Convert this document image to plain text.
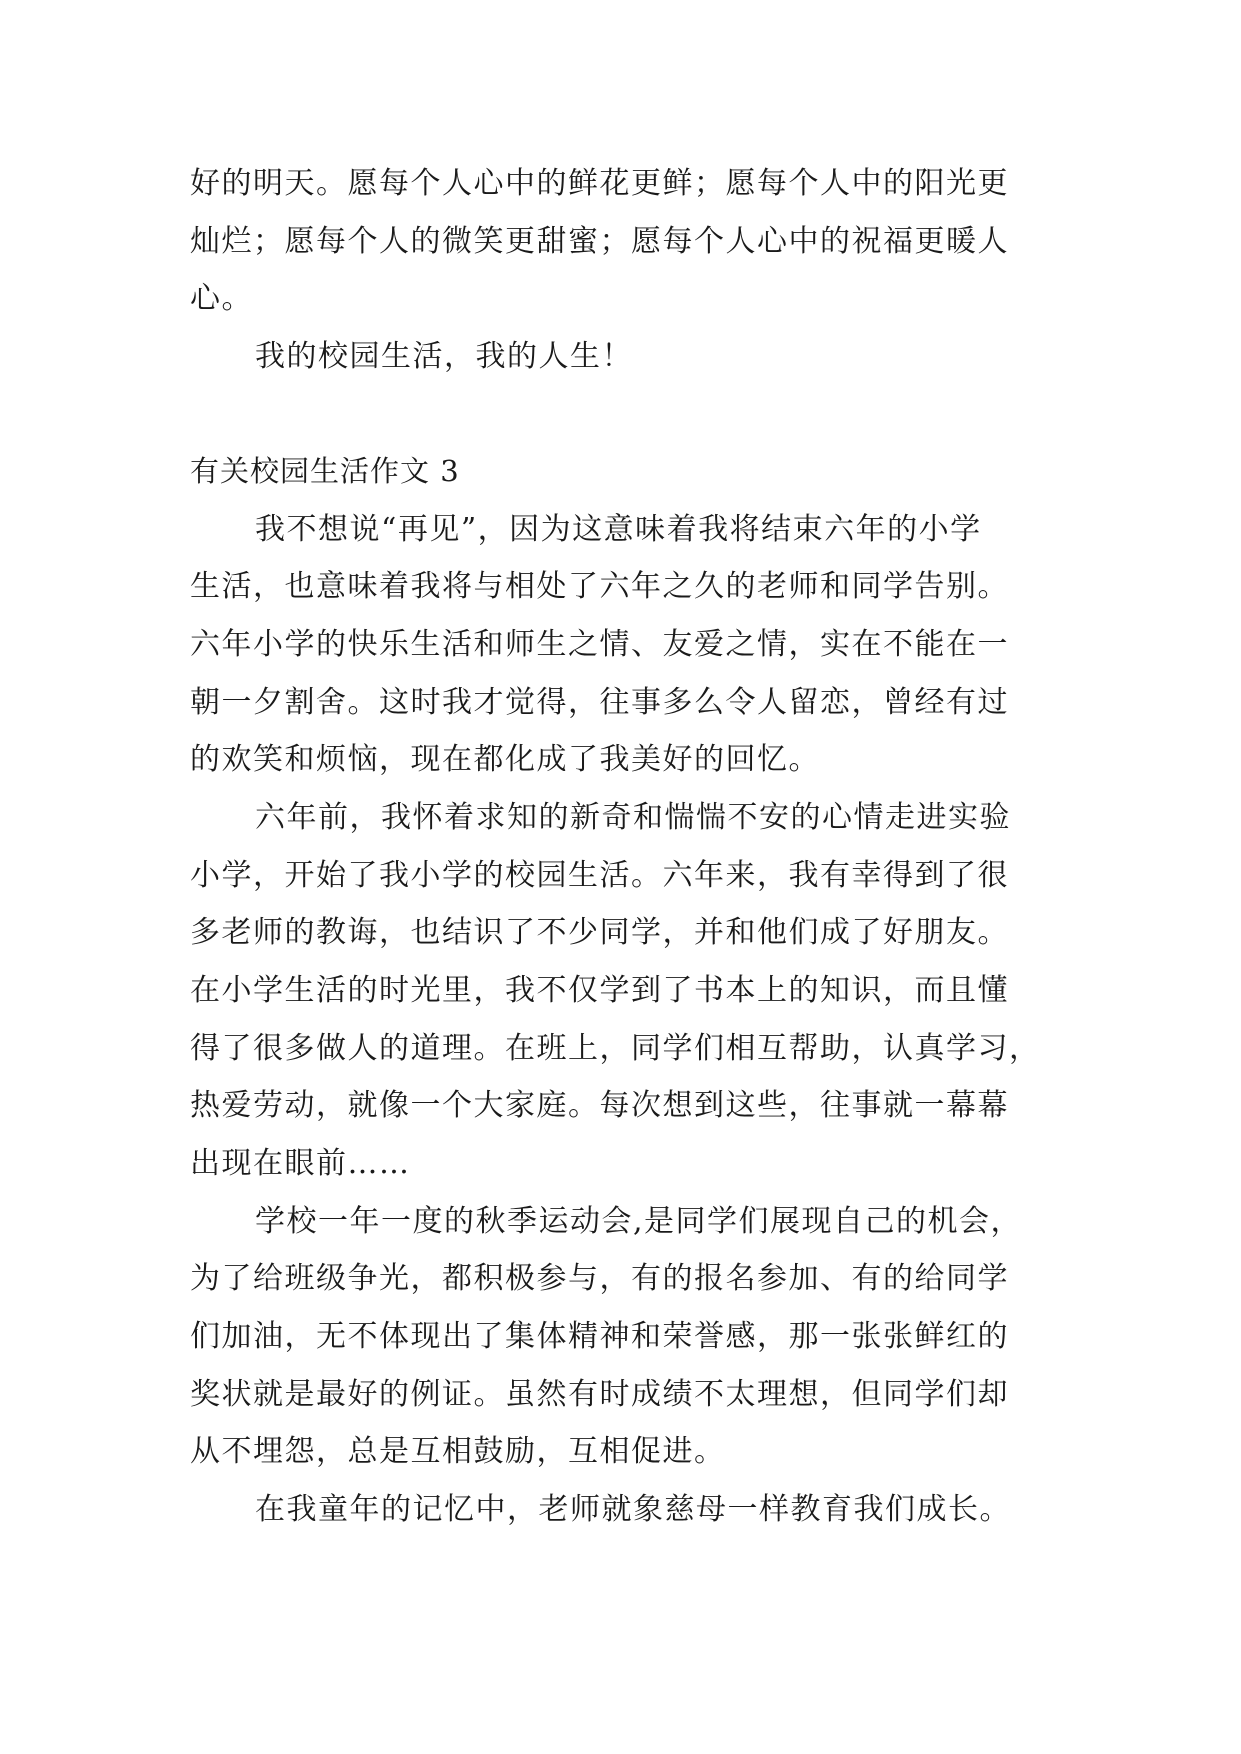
好的明天。愿每个人心中的鲜花更鲜；愿每个人中的阳光更
灿烂；愿每个人的微笑更甜蜜；愿每个人心中的祝福更暖人
心。
我的校园生活，我的人生！
有关校园生活作文 3
我不想说“再见”，因为这意味着我将结束六年的小学
生活，也意味着我将与相处了六年之久的老师和同学告别。
六年小学的快乐生活和师生之情、友爱之情，实在不能在一
朝一夕割舍。这时我才觉得，往事多么令人留恋，曾经有过
的欢笑和烦恼，现在都化成了我美好的回忆。
六年前，我怀着求知的新奇和惴惴不安的心情走进实验
小学，开始了我小学的校园生活。六年来，我有幸得到了很
多老师的教诲，也结识了不少同学，并和他们成了好朋友。
在小学生活的时光里，我不仅学到了书本上的知识，而且懂
得了很多做人的道理。在班上，同学们相互帮助，认真学习，
热爱劳动，就像一个大家庭。每次想到这些，往事就一幕幕
出现在眼前……
学校一年一度的秋季运动会,是同学们展现自己的机会，
为了给班级争光，都积极参与，有的报名参加、有的给同学
们加油，无不体现出了集体精神和荣誉感，那一张张鲜红的
奖状就是最好的例证。虽然有时成绩不太理想，但同学们却
从不埋怨，总是互相鼓励，互相促进。
在我童年的记忆中，老师就象慈母一样教育我们成长。
